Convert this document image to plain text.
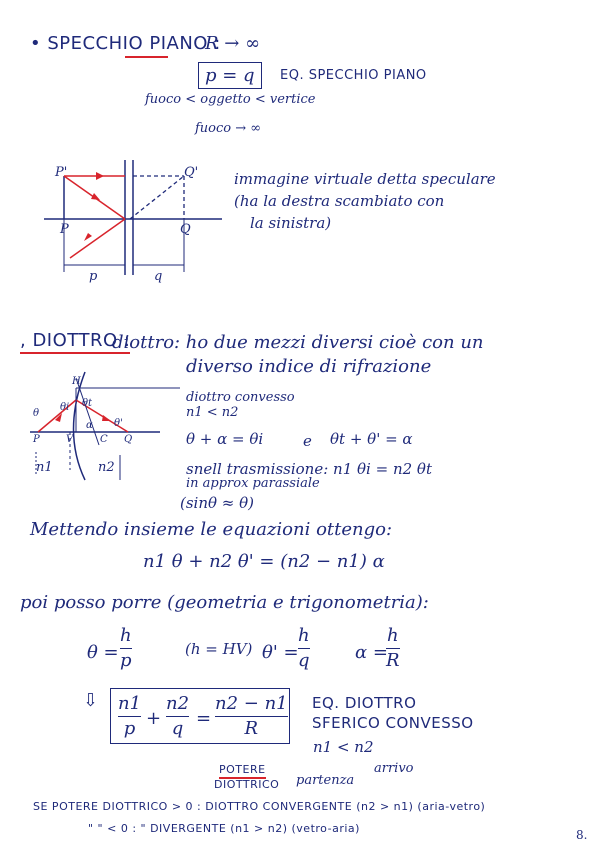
• SPECCHIO PIANO :
R → ∞
p = q	EQ. SPECCHIO PIANO
fuoco < oggetto < vertice
fuoco → ∞
P'	Q'
P	Q
p	q
immagine virtuale detta speculare
(ha la destra scambiato con
la sinistra)
, DIOTTRO :
diottro: ho due mezzi diversi cioè con un
diverso indice di rifrazione
H
θ
θi θt
θ'
α
P	V	C Q
n1	n2
diottro convesso
n1 < n2
θ + α = θi	e θt + θ' = α
snell trasmissione: n1 θi = n2 θt
in approx parassiale
(sinθ ≈ θ)
Mettendo insieme le equazioni ottengo:
n1 θ + n2 θ' = (n2 − n1) α
poi posso porre (geometria e trigonometria):
θ =
h
p
(h = HV) θ' =
h
q	α =
h
R
⇩ n1
p +
n2
q =
n2 − n1
R
EQ. DIOTTRO
SFERICO CONVESSO
n1 < n2
arrivo
partenza
POTERE
DIOTTRICO
SE POTERE DIOTTRICO > 0 : DIOTTRO CONVERGENTE (n2 > n1) (aria-vetro)
" " < 0 : " DIVERGENTE (n1 > n2) (vetro-aria)	8.
